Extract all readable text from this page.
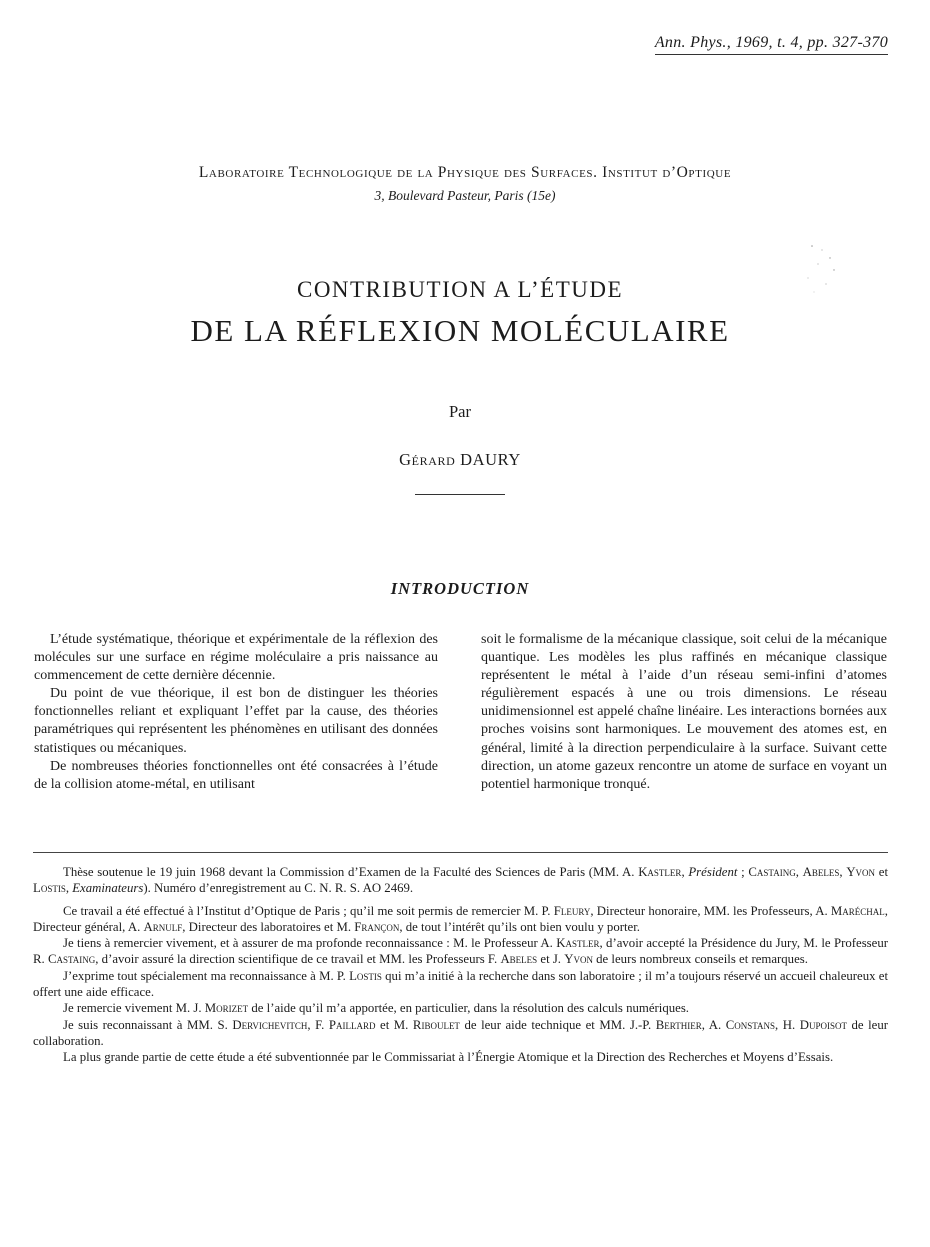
Ann. Phys., 1969, t. 4, pp. 327-370
Laboratoire Technologique de la Physique des Surfaces. Institut d’Optique
3, Boulevard Pasteur, Paris (15e)
CONTRIBUTION A L’ÉTUDE
DE LA RÉFLEXION MOLÉCULAIRE
Par
Gérard DAURY
INTRODUCTION

L’étude systématique, théorique et expérimentale de la réflexion des molécules sur une surface en régime moléculaire a pris naissance au commencement de cette dernière décennie.

Du point de vue théorique, il est bon de distinguer les théories fonctionnelles reliant et expliquant l’effet par la cause, des théories paramétriques qui représentent les phénomènes en utilisant des données statistiques ou mécaniques.

De nombreuses théories fonctionnelles ont été consacrées à l’étude de la collision atome-métal, en utilisant

soit le formalisme de la mécanique classique, soit celui de la mécanique quantique. Les modèles les plus raffinés en mécanique classique représentent le métal à l’aide d’un réseau semi-infini d’atomes régulièrement espacés à une ou trois dimensions. Le réseau unidimensionnel est appelé chaîne linéaire. Les interactions bornées aux proches voisins sont harmoniques. Le mouvement des atomes est, en général, limité à la direction perpendiculaire à la surface. Suivant cette direction, un atome gazeux rencontre un atome de surface en voyant un potentiel harmonique tronqué.

Thèse soutenue le 19 juin 1968 devant la Commission d’Examen de la Faculté des Sciences de Paris (MM. A. Kastler, Président ; Castaing, Abeles, Yvon et Lostis, Examinateurs). Numéro d’enregistrement au C. N. R. S. AO 2469.

Ce travail a été effectué à l’Institut d’Optique de Paris ; qu’il me soit permis de remercier M. P. Fleury, Directeur honoraire, MM. les Professeurs, A. Maréchal, Directeur général, A. Arnulf, Directeur des laboratoires et M. Françon, de tout l’intérêt qu’ils ont bien voulu y porter.

Je tiens à remercier vivement, et à assurer de ma profonde reconnaissance : M. le Professeur A. Kastler, d’avoir accepté la Présidence du Jury, M. le Professeur R. Castaing, d’avoir assuré la direction scientifique de ce travail et MM. les Professeurs F. Abeles et J. Yvon de leurs nombreux conseils et remarques.

J’exprime tout spécialement ma reconnaissance à M. P. Lostis qui m’a initié à la recherche dans son laboratoire ; il m’a toujours réservé un accueil chaleureux et offert une aide efficace.

Je remercie vivement M. J. Morizet de l’aide qu’il m’a apportée, en particulier, dans la résolution des calculs numériques.

Je suis reconnaissant à MM. S. Dervichevitch, F. Paillard et M. Riboulet de leur aide technique et MM. J.-P. Berthier, A. Constans, H. Dupoisot de leur collaboration.

La plus grande partie de cette étude a été subventionnée par le Commissariat à l’Énergie Atomique et la Direction des Recherches et Moyens d’Essais.
